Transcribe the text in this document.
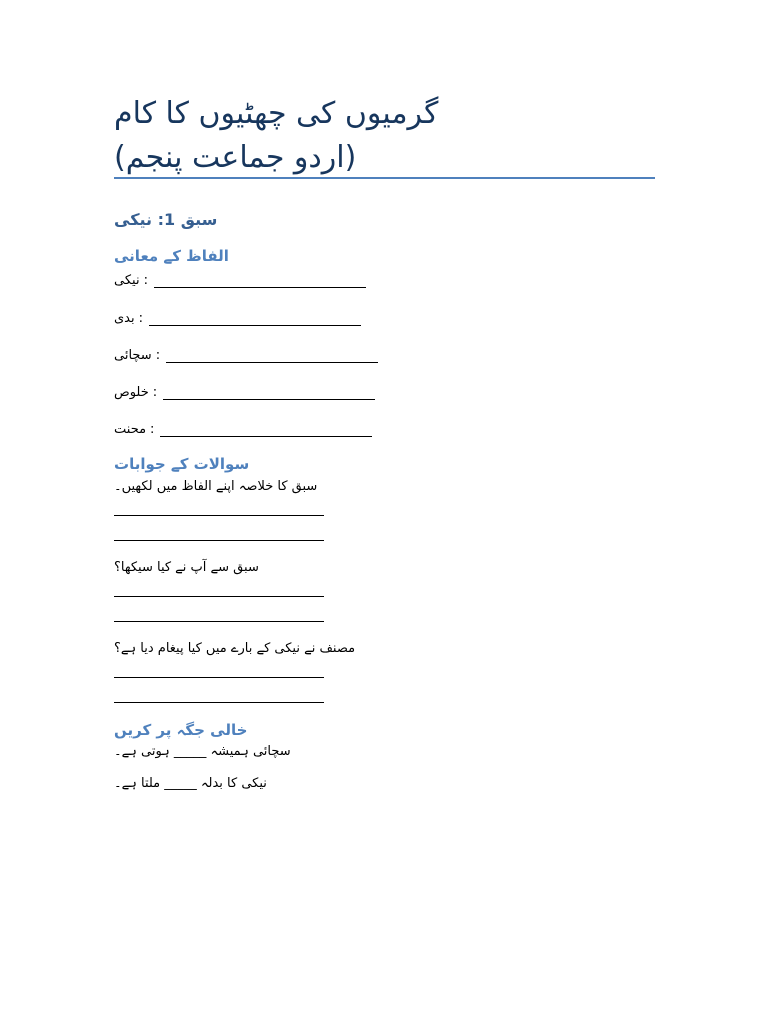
گرمیوں کی چھٹیوں کا کام
(اردو جماعت پنجم)
سبق 1: نیکی
الفاظ کے معانی
نیکی :
بدی :
سچائی :
خلوص :
محنت :
سوالات کے جوابات
سبق کا خلاصہ اپنے الفاظ میں لکھیں۔
سبق سے آپ نے کیا سیکھا؟
مصنف نے نیکی کے بارے میں کیا پیغام دیا ہے؟
خالی جگہ پر کریں
سچائی ہمیشہ _____ ہوتی ہے۔
نیکی کا بدلہ _____ ملتا ہے۔
